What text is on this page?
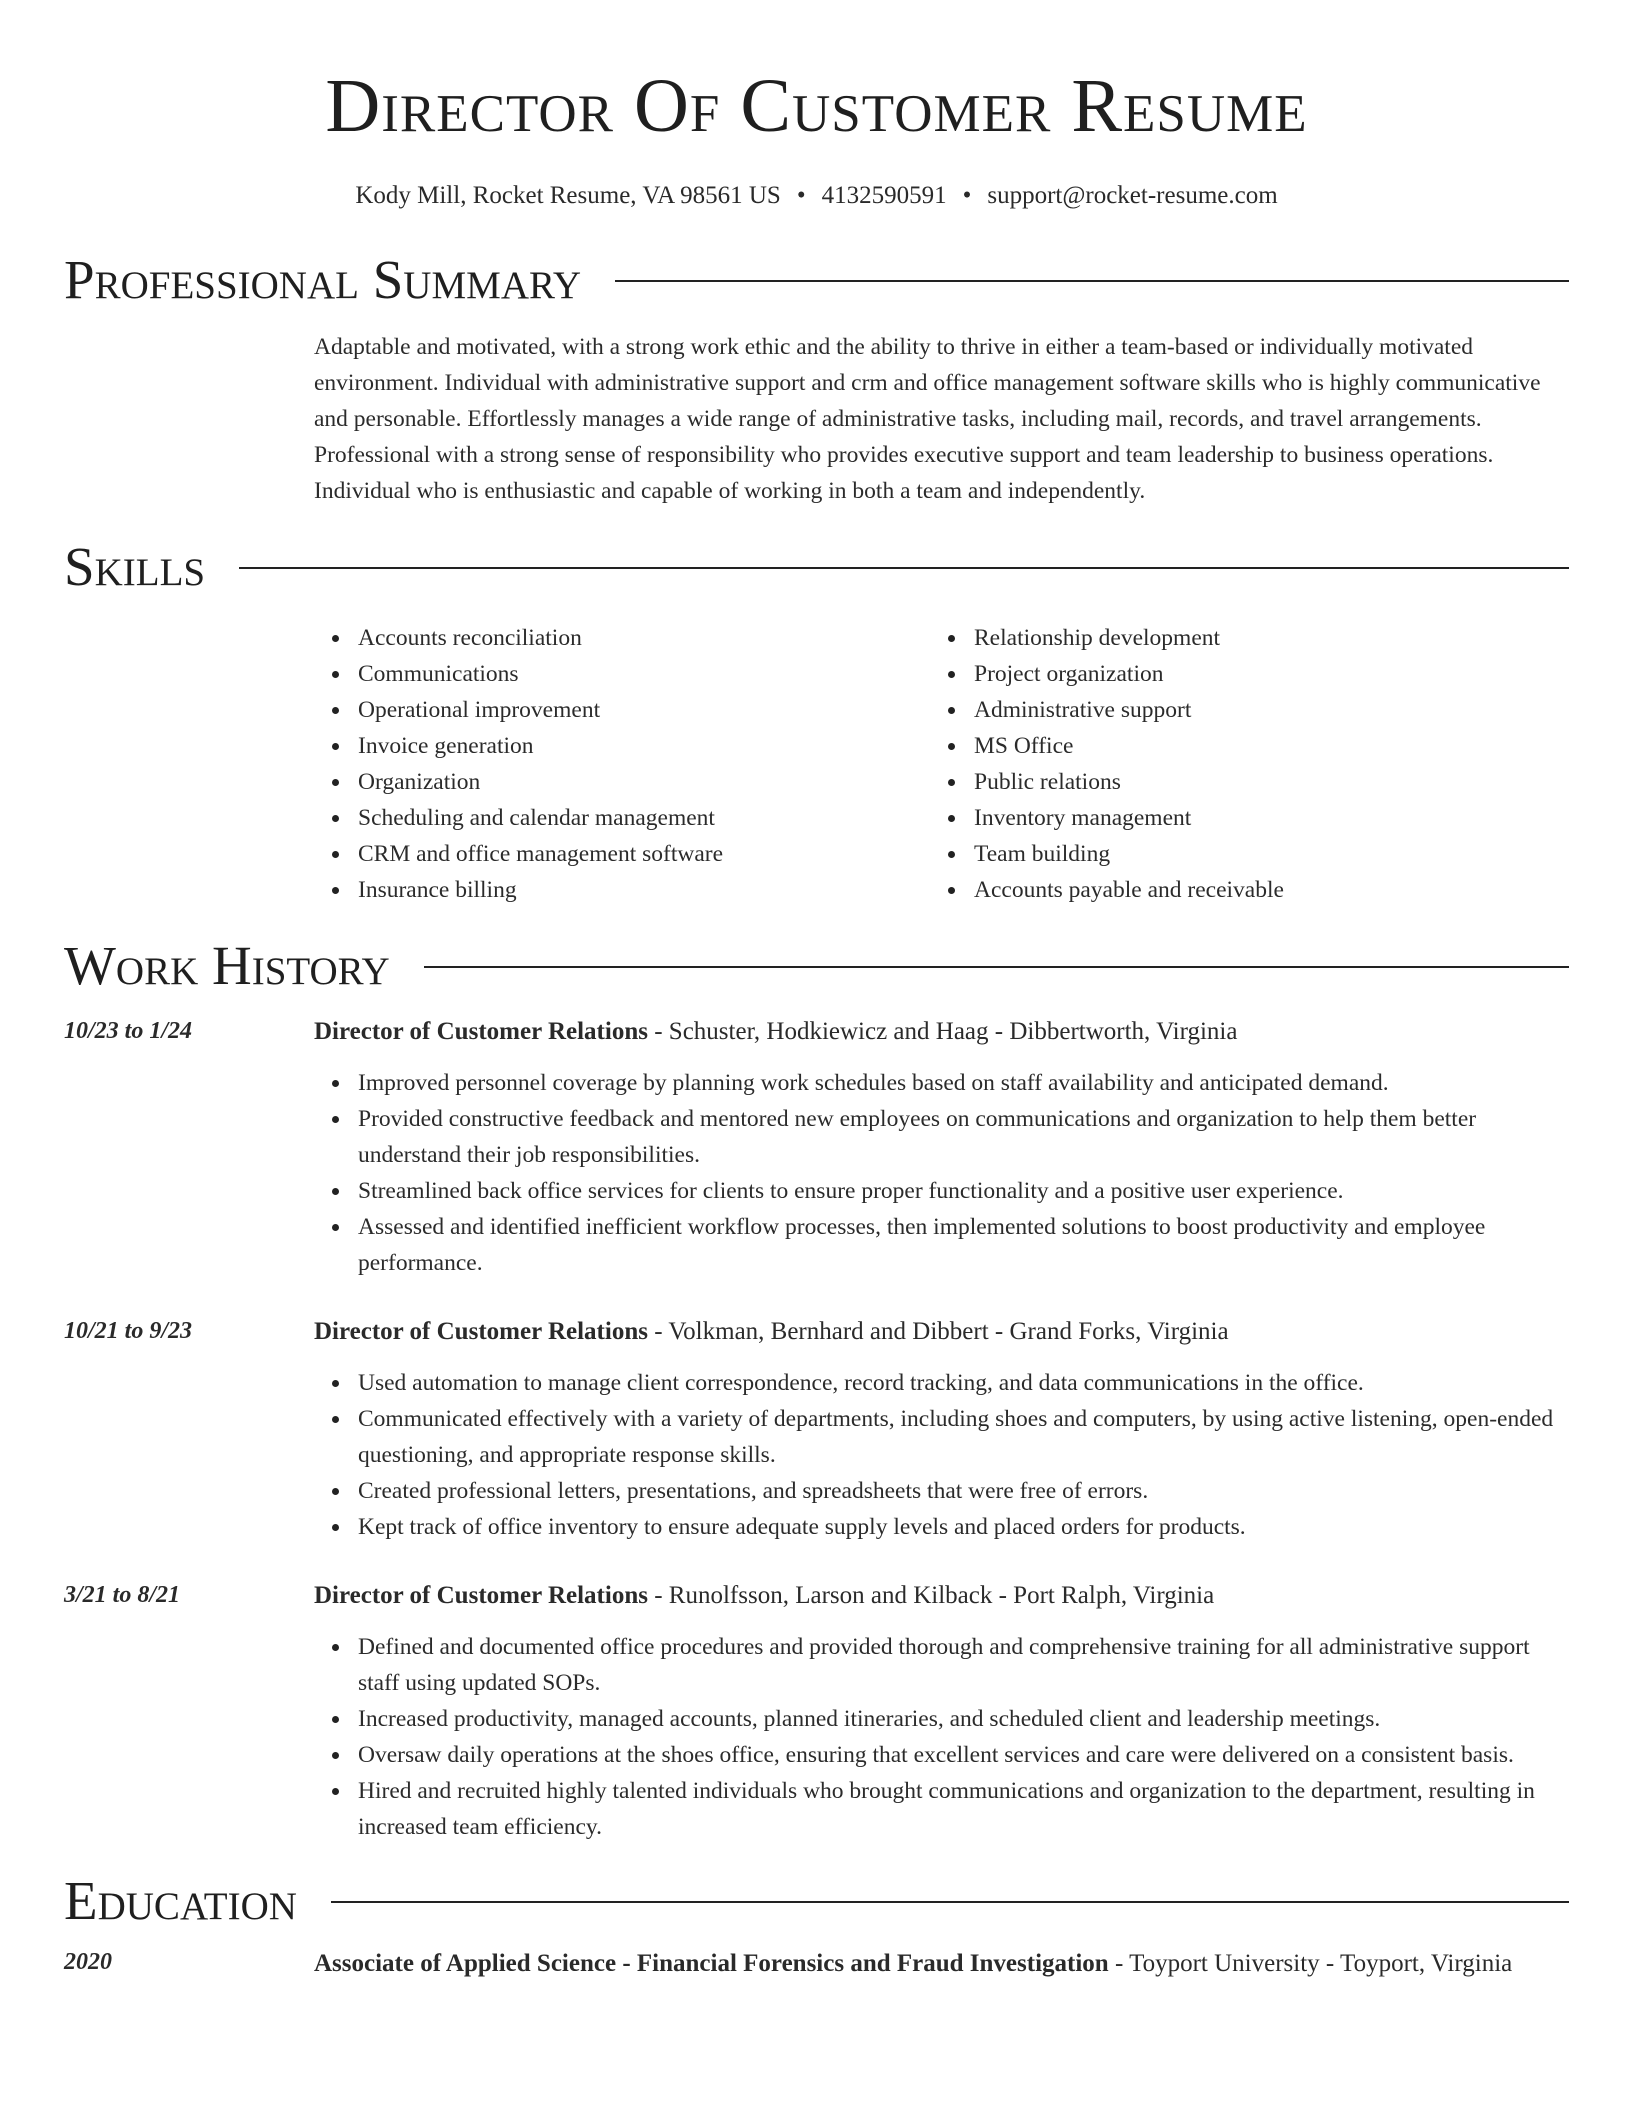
Director Of Customer Resume
Kody Mill, Rocket Resume, VA 98561 US • 4132590591 • support@rocket-resume.com
Professional Summary

Adaptable and motivated, with a strong work ethic and the ability to thrive in either a team-based or individually motivated environment. Individual with administrative support and crm and office management software skills who is highly communicative and personable. Effortlessly manages a wide range of administrative tasks, including mail, records, and travel arrangements. Professional with a strong sense of responsibility who provides executive support and team leadership to business operations. Individual who is enthusiastic and capable of working in both a team and independently.

Skills
Accounts reconciliation
Communications
Operational improvement
Invoice generation
Organization
Scheduling and calendar management
CRM and office management software
Insurance billing
Relationship development
Project organization
Administrative support
MS Office
Public relations
Inventory management
Team building
Accounts payable and receivable
Work History
10/23 to 1/24	Director of Customer Relations - Schuster, Hodkiewicz and Haag - Dibbertworth, Virginia
Improved personnel coverage by planning work schedules based on staff availability and anticipated demand.
Provided constructive feedback and mentored new employees on communications and organization to help them better understand their job responsibilities.
Streamlined back office services for clients to ensure proper functionality and a positive user experience.
Assessed and identified inefficient workflow processes, then implemented solutions to boost productivity and employee performance.
10/21 to 9/23	Director of Customer Relations - Volkman, Bernhard and Dibbert - Grand Forks, Virginia
Used automation to manage client correspondence, record tracking, and data communications in the office.
Communicated effectively with a variety of departments, including shoes and computers, by using active listening, open-ended questioning, and appropriate response skills.
Created professional letters, presentations, and spreadsheets that were free of errors.
Kept track of office inventory to ensure adequate supply levels and placed orders for products.
3/21 to 8/21	Director of Customer Relations - Runolfsson, Larson and Kilback - Port Ralph, Virginia
Defined and documented office procedures and provided thorough and comprehensive training for all administrative support staff using updated SOPs.
Increased productivity, managed accounts, planned itineraries, and scheduled client and leadership meetings.
Oversaw daily operations at the shoes office, ensuring that excellent services and care were delivered on a consistent basis.
Hired and recruited highly talented individuals who brought communications and organization to the department, resulting in increased team efficiency.
Education
2020	Associate of Applied Science - Financial Forensics and Fraud Investigation - Toyport University - Toyport, Virginia
